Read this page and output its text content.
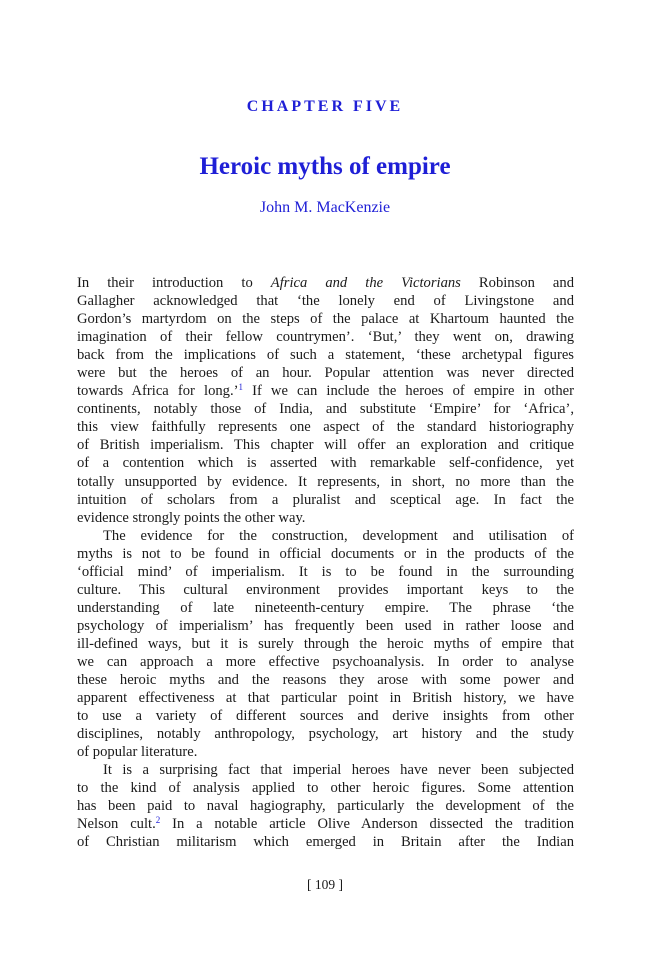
CHAPTER FIVE
Heroic myths of empire
John M. MacKenzie
In their introduction to Africa and the Victorians Robinson and
Gallagher acknowledged that ‘the lonely end of Livingstone and
Gordon’s martyrdom on the steps of the palace at Khartoum haunted the
imagination of their fellow countrymen’. ‘But,’ they went on, drawing
back from the implications of such a statement, ‘these archetypal figures
were but the heroes of an hour. Popular attention was never directed
towards Africa for long.’$^1$ If we can include the heroes of empire in other
continents, notably those of India, and substitute ‘Empire’ for ‘Africa’,
this view faithfully represents one aspect of the standard historiography
of British imperialism. This chapter will offer an exploration and critique
of a contention which is asserted with remarkable self-confidence, yet
totally unsupported by evidence. It represents, in short, no more than the
intuition of scholars from a pluralist and sceptical age. In fact the
evidence strongly points the other way.
The evidence for the construction, development and utilisation of
myths is not to be found in official documents or in the products of the
‘official mind’ of imperialism. It is to be found in the surrounding
culture. This cultural environment provides important keys to the
understanding of late nineteenth-century empire. The phrase ‘the
psychology of imperialism’ has frequently been used in rather loose and
ill-defined ways, but it is surely through the heroic myths of empire that
we can approach a more effective psychoanalysis. In order to analyse
these heroic myths and the reasons they arose with some power and
apparent effectiveness at that particular point in British history, we have
to use a variety of different sources and derive insights from other
disciplines, notably anthropology, psychology, art history and the study
of popular literature.
It is a surprising fact that imperial heroes have never been subjected
to the kind of analysis applied to other heroic figures. Some attention
has been paid to naval hagiography, particularly the development of the
Nelson cult.$^2$ In a notable article Olive Anderson dissected the tradition
of Christian militarism which emerged in Britain after the Indian
[ 109 ]
